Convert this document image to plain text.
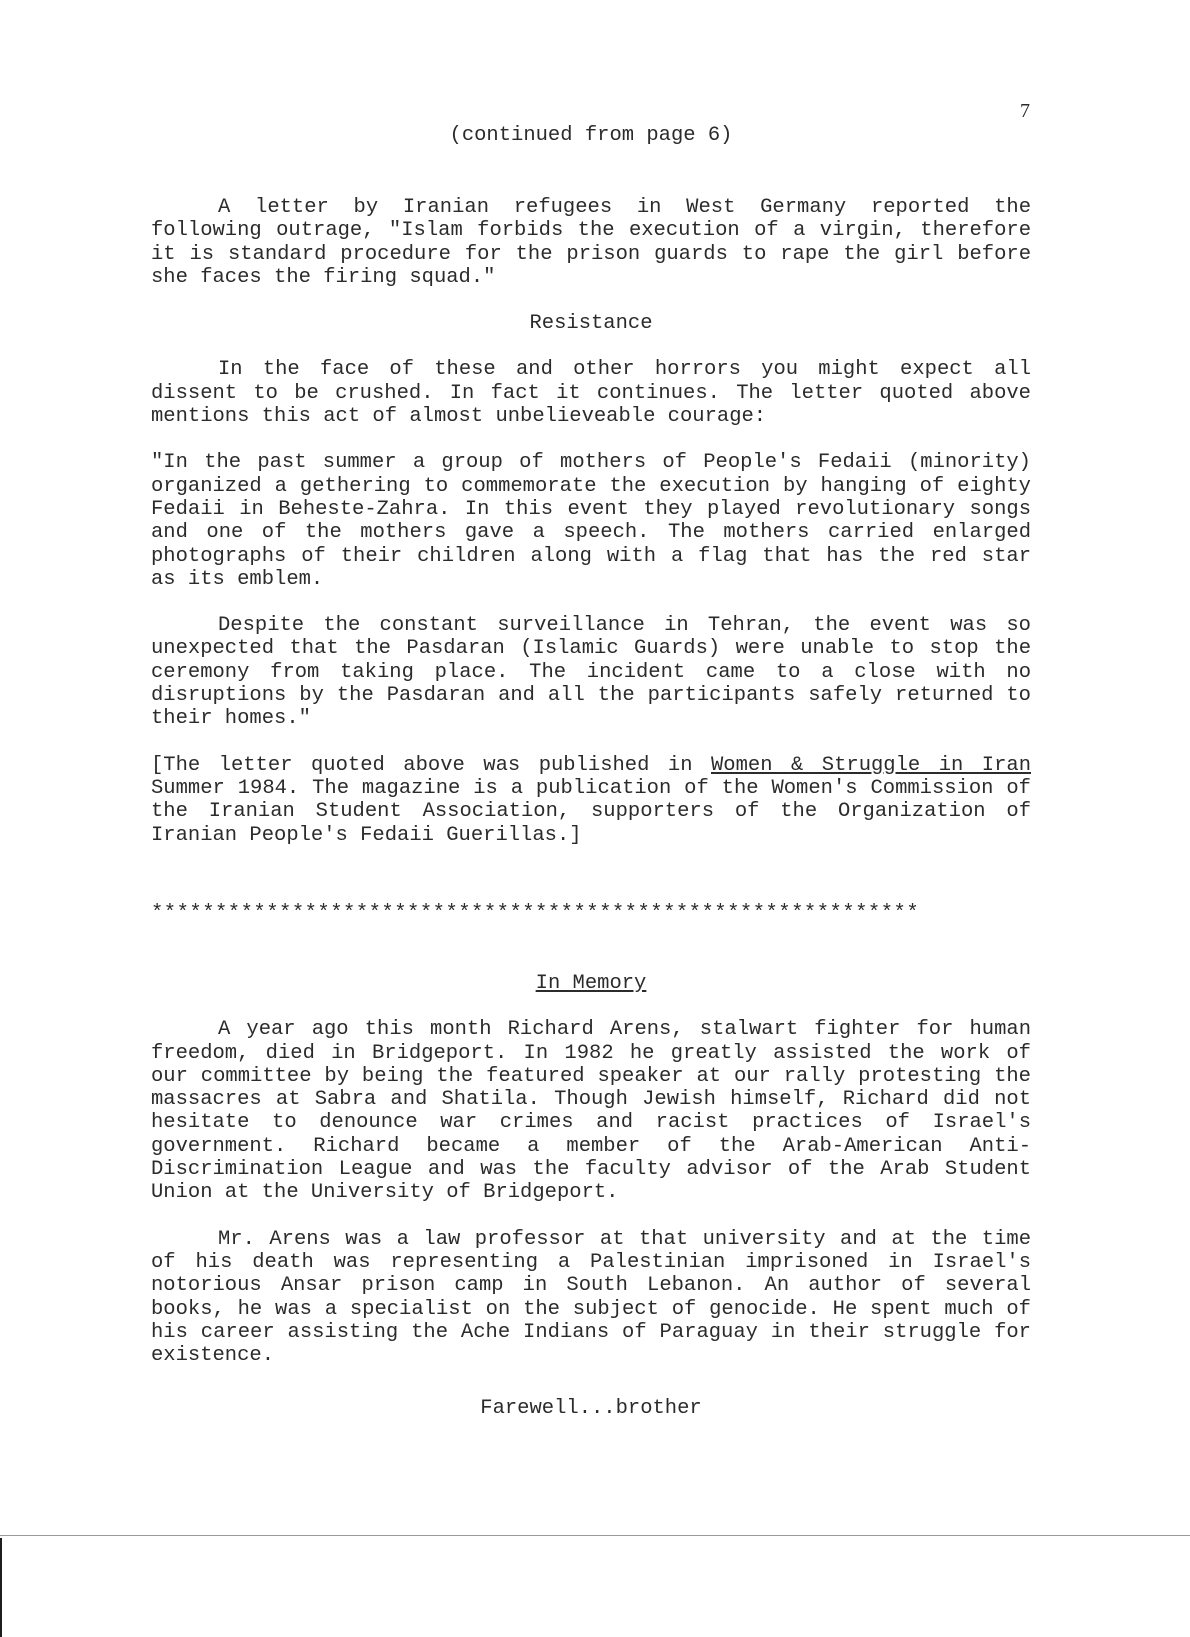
7
(continued from page 6)

A letter by Iranian refugees in West Germany reported the following outrage, "Islam forbids the execution of a virgin, therefore it is standard procedure for the prison guards to rape the girl before she faces the firing squad."

Resistance

In the face of these and other horrors you might expect all dissent to be crushed. In fact it continues. The letter quoted above mentions this act of almost unbelieveable courage:

"In the past summer a group of mothers of People's Fedaii (minority) organized a gethering to commemorate the execution by hanging of eighty Fedaii in Beheste-Zahra. In this event they played revolutionary songs and one of the mothers gave a speech. The mothers carried enlarged photographs of their children along with a flag that has the red star as its emblem.

Despite the constant surveillance in Tehran, the event was so unexpected that the Pasdaran (Islamic Guards) were unable to stop the ceremony from taking place. The incident came to a close with no disruptions by the Pasdaran and all the participants safely returned to their homes."

[The letter quoted above was published in Women & Struggle in Iran Summer 1984. The magazine is a publication of the Women's Commission of the Iranian Student Association, supporters of the Organization of Iranian People's Fedaii Guerillas.]

************************************************************

In Memory

A year ago this month Richard Arens, stalwart fighter for human freedom, died in Bridgeport. In 1982 he greatly assisted the work of our committee by being the featured speaker at our rally protesting the massacres at Sabra and Shatila. Though Jewish himself, Richard did not hesitate to denounce war crimes and racist practices of Israel's government. Richard became a member of the Arab-American Anti-Discrimination League and was the faculty advisor of the Arab Student Union at the University of Bridgeport.

Mr. Arens was a law professor at that university and at the time of his death was representing a Palestinian imprisoned in Israel's notorious Ansar prison camp in South Lebanon. An author of several books, he was a specialist on the subject of genocide. He spent much of his career assisting the Ache Indians of Paraguay in their struggle for existence.

Farewell...brother
